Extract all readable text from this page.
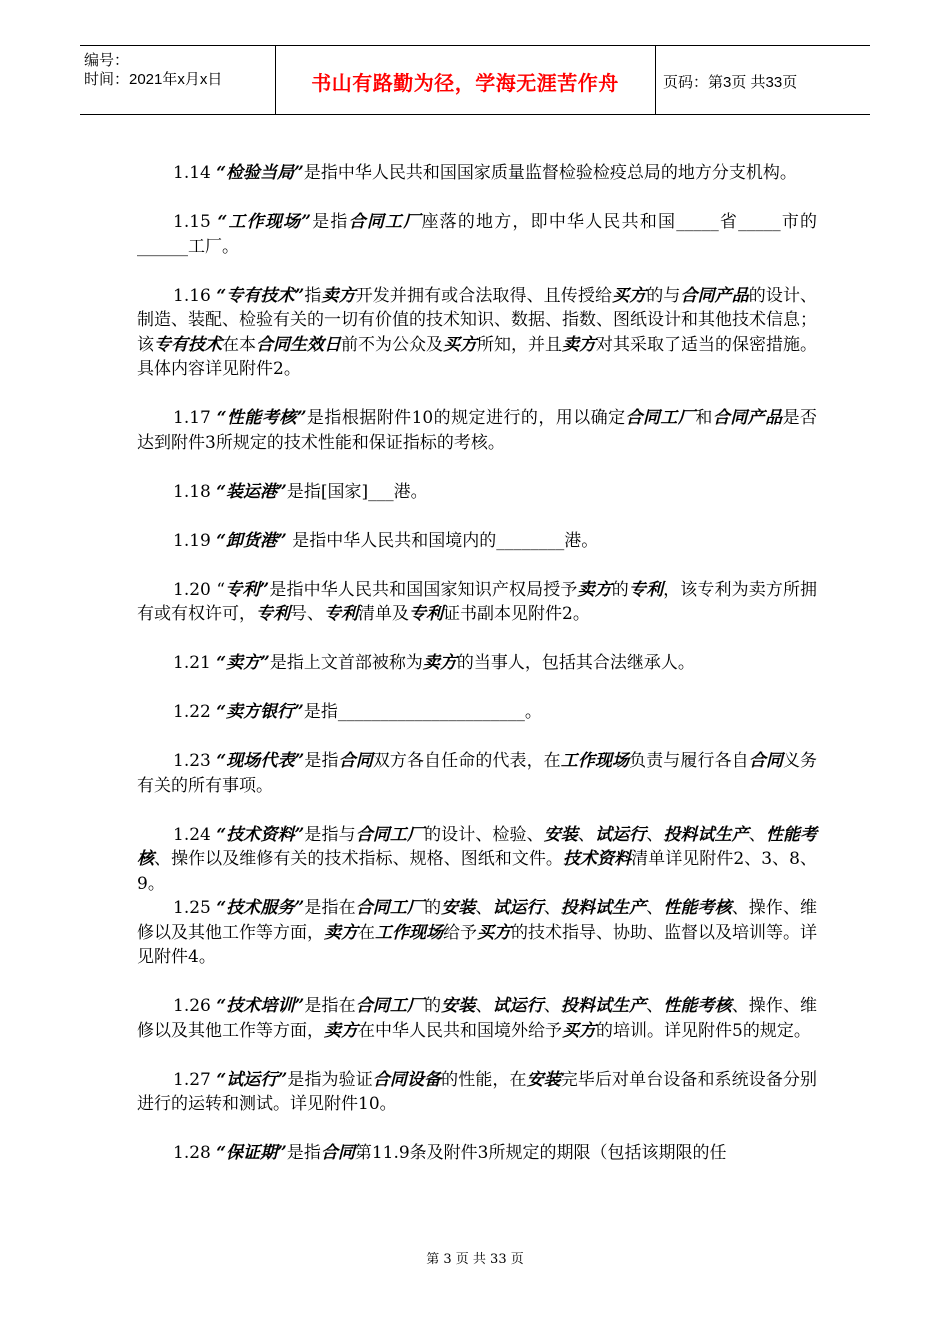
编号：
时间：2021年x月x日	书山有路勤为径，学海无涯苦作舟	页码：第3页 共33页

1.14 “检验当局”是指中华人民共和国国家质量监督检验检疫总局的地方分支机构。

1.15 “工作现场”是指合同工厂座落的地方，即中华人民共和国_____省_____市的______工厂。

1.16 “专有技术”指卖方开发并拥有或合法取得、且传授给买方的与合同产品的设计、制造、装配、检验有关的一切有价值的技术知识、数据、指数、图纸设计和其他技术信息；该专有技术在本合同生效日前不为公众及买方所知，并且卖方对其采取了适当的保密措施。具体内容详见附件2。

1.17 “性能考核”是指根据附件10的规定进行的，用以确定合同工厂和合同产品是否达到附件3所规定的技术性能和保证指标的考核。

1.18 “装运港”是指[国家]___港。

1.19 “卸货港” 是指中华人民共和国境内的________港。

1.20 “专利”是指中华人民共和国国家知识产权局授予卖方的专利，该专利为卖方所拥有或有权许可，专利号、专利清单及专利证书副本见附件2。

1.21 “卖方”是指上文首部被称为卖方的当事人，包括其合法继承人。

1.22 “卖方银行”是指______________________。

1.23 “现场代表”是指合同双方各自任命的代表，在工作现场负责与履行各自合同义务有关的所有事项。

1.24 “技术资料”是指与合同工厂的设计、检验、安装、试运行、投料试生产、性能考核、操作以及维修有关的技术指标、规格、图纸和文件。技术资料清单详见附件2、3、8、9。

1.25 “技术服务”是指在合同工厂的安装、试运行、投料试生产、性能考核、操作、维修以及其他工作等方面，卖方在工作现场给予买方的技术指导、协助、监督以及培训等。详见附件4。

1.26 “技术培训”是指在合同工厂的安装、试运行、投料试生产、性能考核、操作、维修以及其他工作等方面，卖方在中华人民共和国境外给予买方的培训。详见附件5的规定。

1.27 “试运行”是指为验证合同设备的性能，在安装完毕后对单台设备和系统设备分别进行的运转和测试。详见附件10。

1.28 “保证期”是指合同第11.9条及附件3所规定的期限（包括该期限的任

第 3 页 共 33 页
